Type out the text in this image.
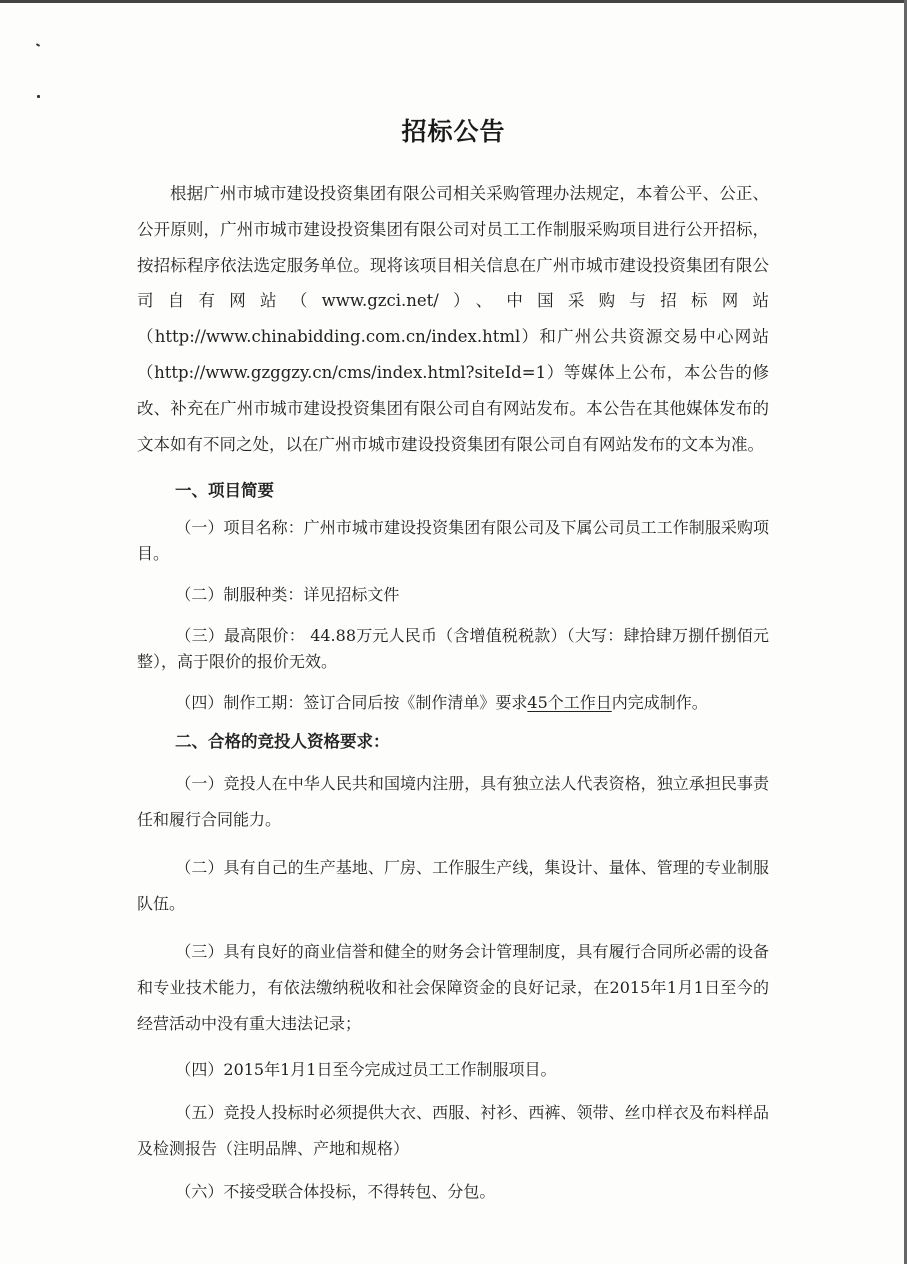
招标公告

根据广州市城市建设投资集团有限公司相关采购管理办法规定，本着公平、公正、公开原则，广州市城市建设投资集团有限公司对员工工作制服采购项目进行公开招标，按招标程序依法选定服务单位。现将该项目相关信息在广州市城市建设投资集团有限公司自有网站（www.gzci.net/）、中国采购与招标网站（http://www.chinabidding.com.cn/index.html）和广州公共资源交易中心网站（http://www.gzggzy.cn/cms/index.html?siteId=1）等媒体上公布，本公告的修改、补充在广州市城市建设投资集团有限公司自有网站发布。本公告在其他媒体发布的文本如有不同之处，以在广州市城市建设投资集团有限公司自有网站发布的文本为准。

一、项目简要

（一）项目名称：广州市城市建设投资集团有限公司及下属公司员工工作制服采购项目。

（二）制服种类：详见招标文件

（三）最高限价： 44.88万元人民币（含增值税税款）（大写：肆拾肆万捌仟捌佰元整），高于限价的报价无效。

（四）制作工期：签订合同后按《制作清单》要求45个工作日内完成制作。

二、合格的竞投人资格要求：

（一）竞投人在中华人民共和国境内注册，具有独立法人代表资格，独立承担民事责任和履行合同能力。

（二）具有自己的生产基地、厂房、工作服生产线，集设计、量体、管理的专业制服队伍。

（三）具有良好的商业信誉和健全的财务会计管理制度，具有履行合同所必需的设备和专业技术能力，有依法缴纳税收和社会保障资金的良好记录，在2015年1月1日至今的经营活动中没有重大违法记录；

（四）2015年1月1日至今完成过员工工作制服项目。

（五）竞投人投标时必须提供大衣、西服、衬衫、西裤、领带、丝巾样衣及布料样品及检测报告（注明品牌、产地和规格）

（六）不接受联合体投标，不得转包、分包。
